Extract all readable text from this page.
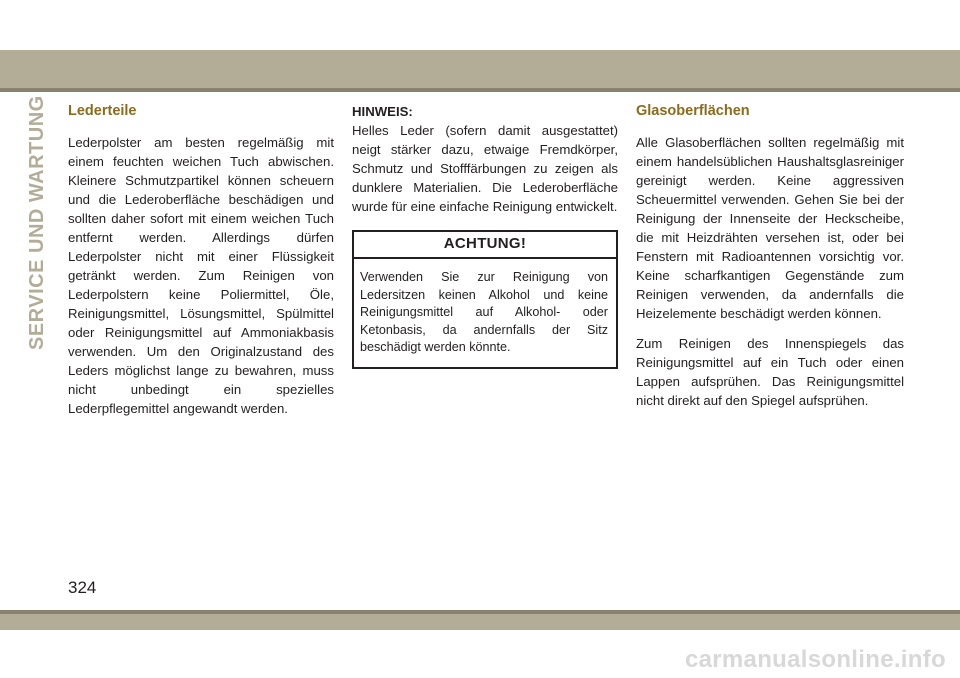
SERVICE UND WARTUNG Lederteile

Lederpolster am besten regelmäßig mit einem feuchten weichen Tuch abwischen. Kleinere Schmutzpartikel können scheuern und die Lederoberfläche beschädigen und sollten daher sofort mit einem weichen Tuch entfernt werden. Allerdings dürfen Lederpolster nicht mit einer Flüssigkeit getränkt werden. Zum Reinigen von Lederpolstern keine Poliermittel, Öle, Reinigungsmittel, Lösungsmittel, Spülmittel oder Reinigungsmittel auf Ammoniakbasis verwenden. Um den Originalzustand des Leders möglichst lange zu bewahren, muss nicht unbedingt ein spezielles Lederpflegemittel angewandt werden.

HINWEIS:

Helles Leder (sofern damit ausgestattet) neigt stärker dazu, etwaige Fremdkörper, Schmutz und Stofffärbungen zu zeigen als dunklere Materialien. Die Lederoberfläche wurde für eine einfache Reinigung entwickelt.

ACHTUNG!
Verwenden Sie zur Reinigung von Ledersitzen keinen Alkohol und keine Reinigungsmittel auf Alkohol- oder Ketonbasis, da andernfalls der Sitz beschädigt werden könnte.
Glasoberflächen

Alle Glasoberflächen sollten regelmäßig mit einem handelsüblichen Haushaltsglasreiniger gereinigt werden. Keine aggressiven Scheuermittel verwenden. Gehen Sie bei der Reinigung der Innenseite der Heckscheibe, die mit Heizdrähten versehen ist, oder bei Fenstern mit Radioantennen vorsichtig vor. Keine scharfkantigen Gegenstände zum Reinigen verwenden, da andernfalls die Heizelemente beschädigt werden können.

Zum Reinigen des Innenspiegels das Reinigungsmittel auf ein Tuch oder einen Lappen aufsprühen. Das Reinigungsmittel nicht direkt auf den Spiegel aufsprühen.

324
carmanualsonline.info
